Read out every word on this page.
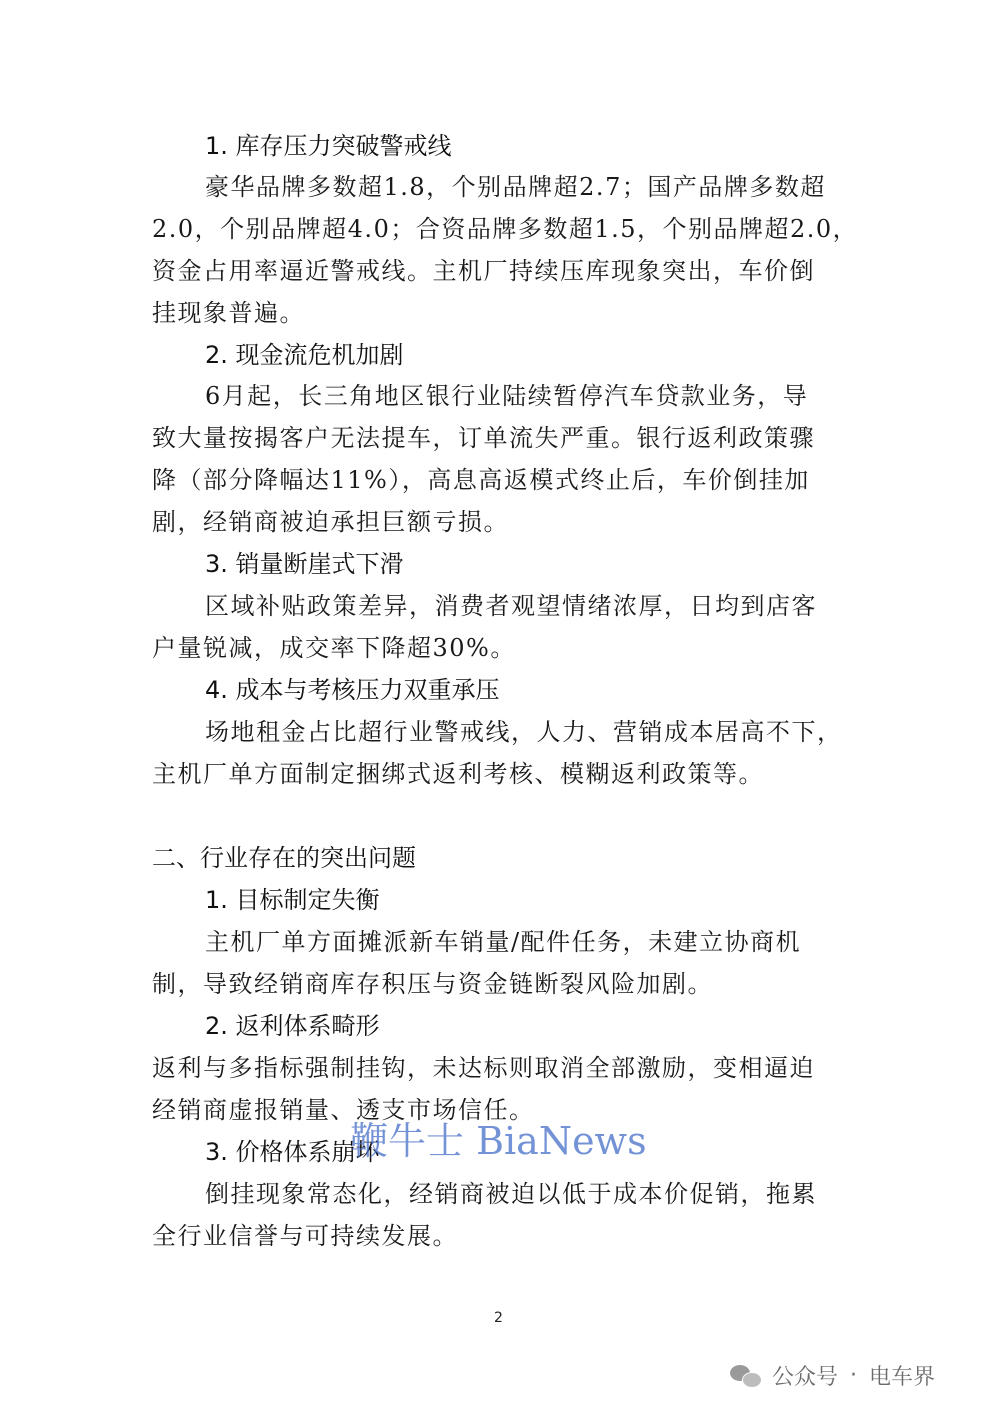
1. 库存压力突破警戒线
豪华品牌多数超1.8，个别品牌超2.7；国产品牌多数超
2.0，个别品牌超4.0；合资品牌多数超1.5，个别品牌超2.0，
资金占用率逼近警戒线。主机厂持续压库现象突出，车价倒
挂现象普遍。
2. 现金流危机加剧
6月起，长三角地区银行业陆续暂停汽车贷款业务，导
致大量按揭客户无法提车，订单流失严重。银行返利政策骤
降（部分降幅达11%），高息高返模式终止后，车价倒挂加
剧，经销商被迫承担巨额亏损。
3. 销量断崖式下滑
区域补贴政策差异，消费者观望情绪浓厚，日均到店客
户量锐减，成交率下降超30%。
4. 成本与考核压力双重承压
场地租金占比超行业警戒线，人力、营销成本居高不下，
主机厂单方面制定捆绑式返利考核、模糊返利政策等。
二、行业存在的突出问题
1. 目标制定失衡
主机厂单方面摊派新车销量/配件任务，未建立协商机
制，导致经销商库存积压与资金链断裂风险加剧。
2. 返利体系畸形
返利与多指标强制挂钩，未达标则取消全部激励，变相逼迫
经销商虚报销量、透支市场信任。
3. 价格体系崩坏
倒挂现象常态化，经销商被迫以低于成本价促销，拖累
全行业信誉与可持续发展。
鞭牛士 BiaNews
2
公众号 · 电车界
